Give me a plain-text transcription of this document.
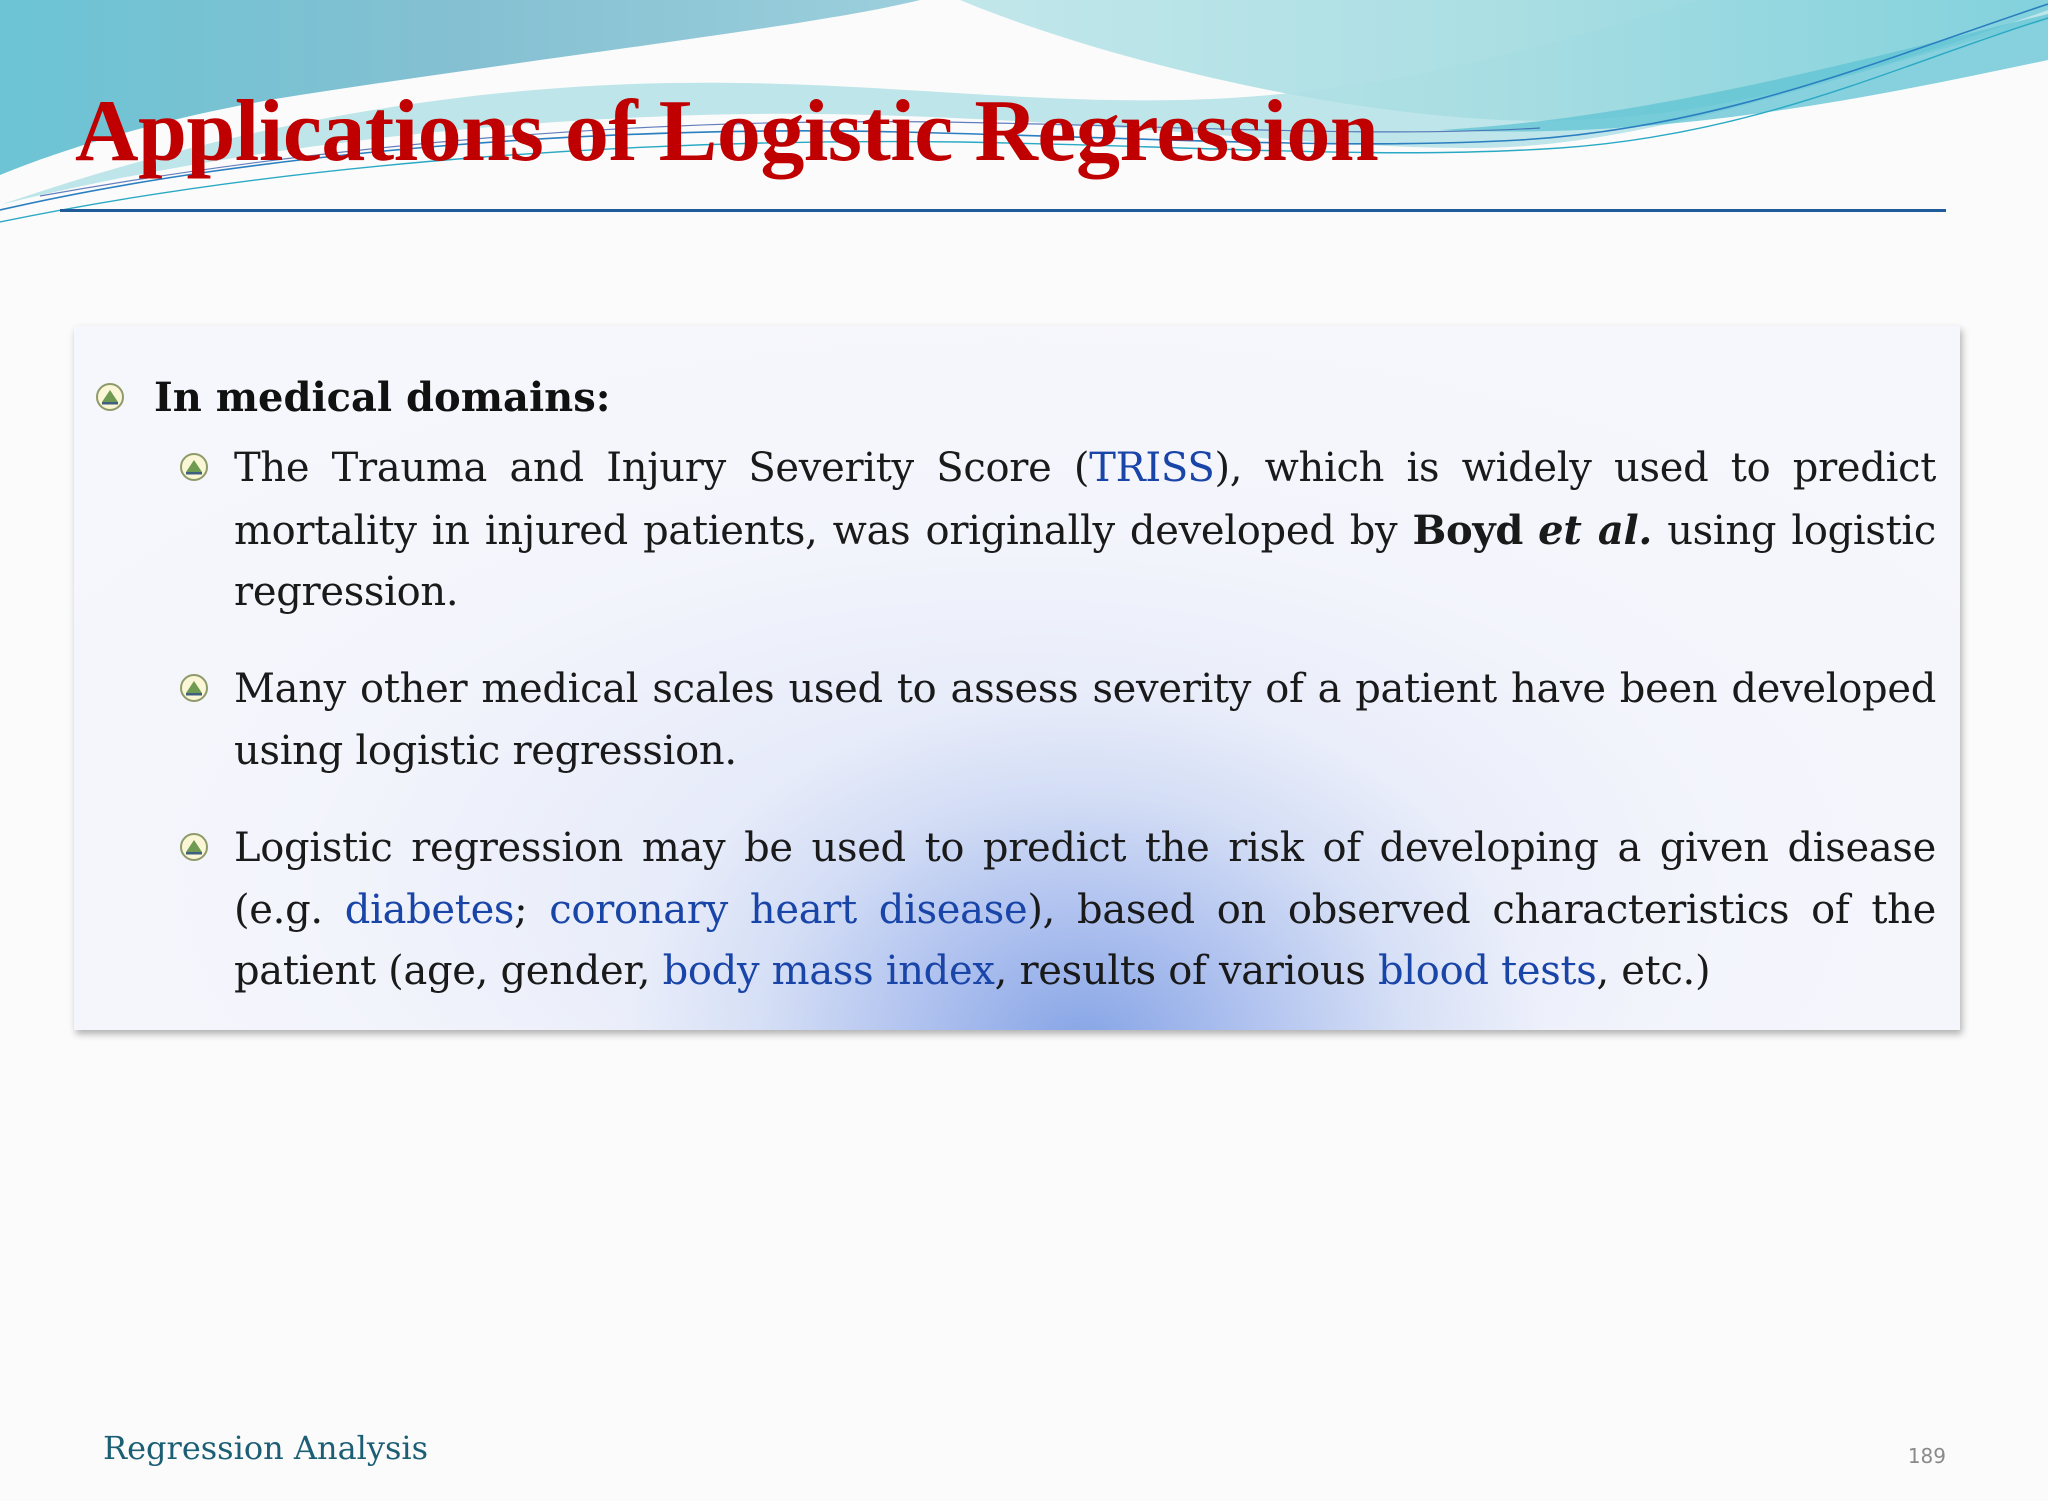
Applications of Logistic Regression

In medical domains:

The Trauma and Injury Severity Score (TRISS), which is widely used to predict mortality in injured patients, was originally developed by Boyd et al. using logistic regression.

Many other medical scales used to assess severity of a patient have been developed using logistic regression.

Logistic regression may be used to predict the risk of developing a given disease (e.g. diabetes; coronary heart disease), based on observed characteristics of the patient (age, gender, body mass index, results of various blood tests, etc.)

Regression Analysis	189
